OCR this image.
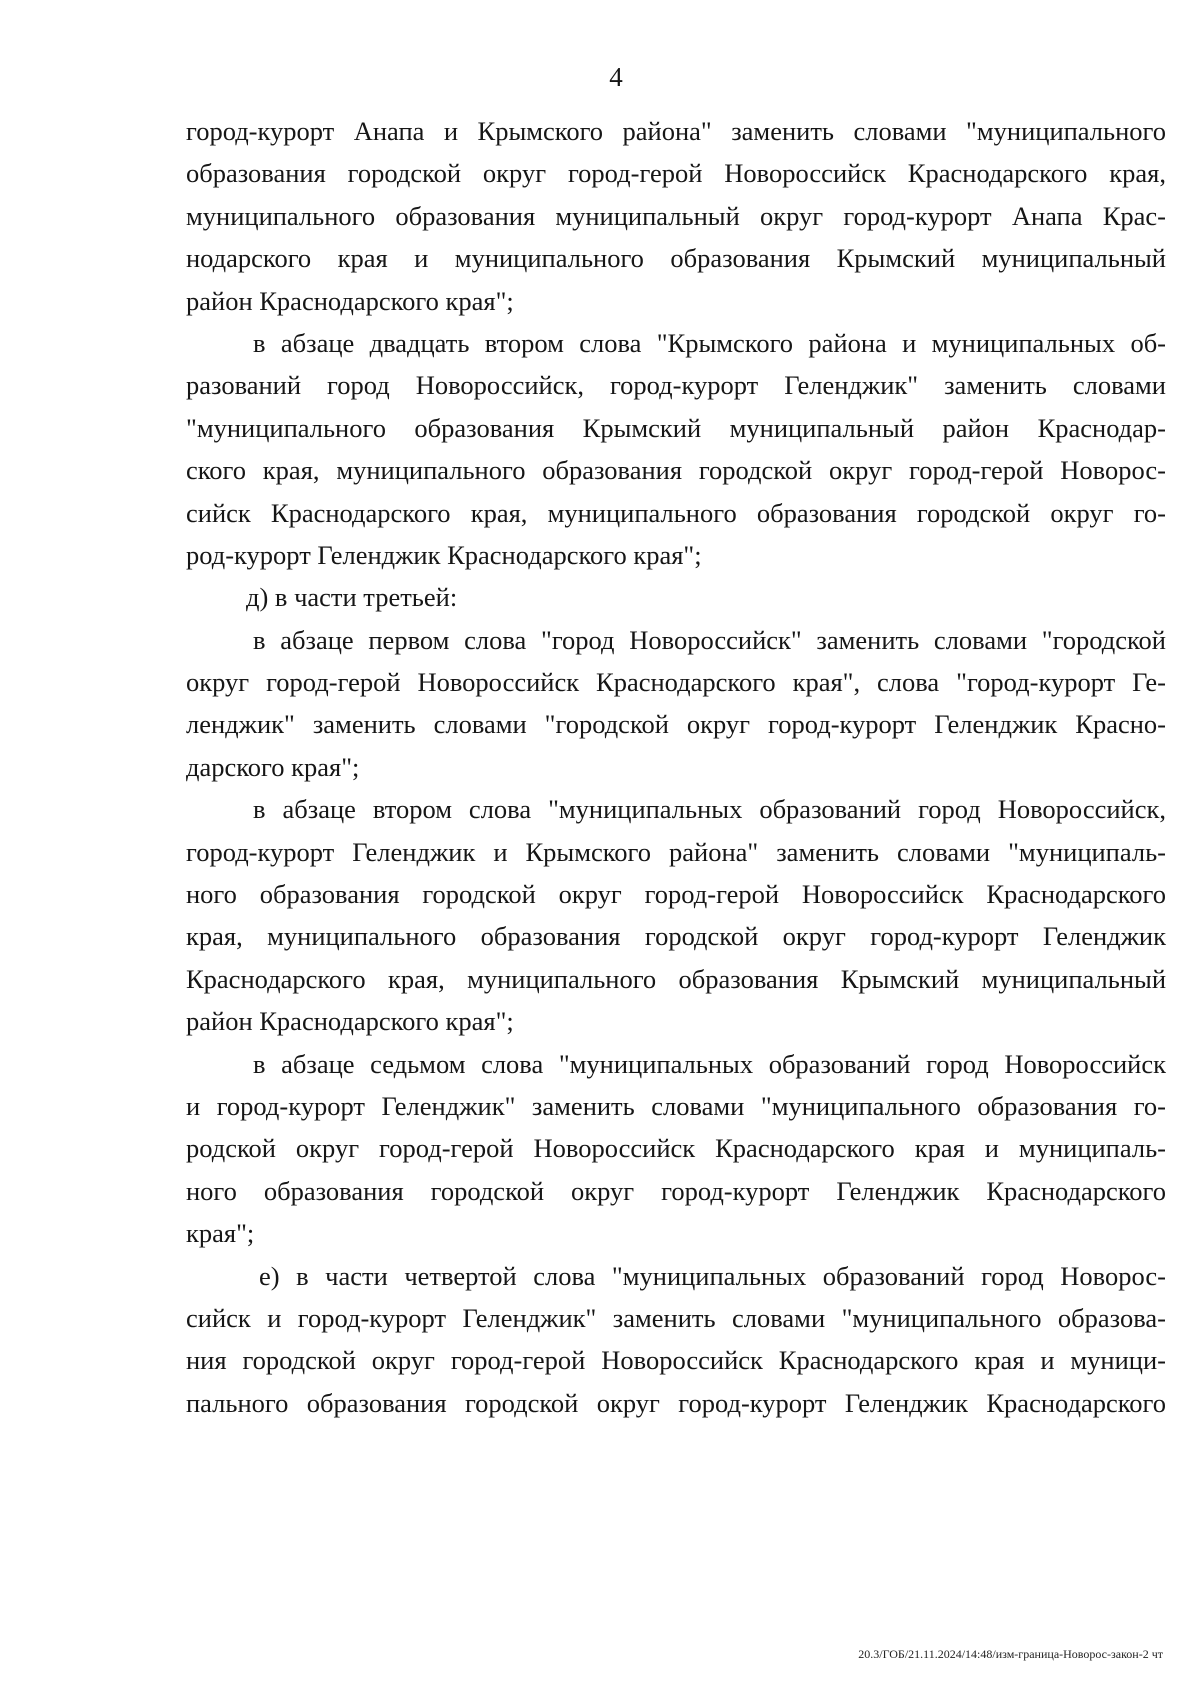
4
город-курорт Анапа и Крымского района" заменить словами "муниципального
образования городской округ город-герой Новороссийск Краснодарского края,
муниципального образования муниципальный округ город-курорт Анапа Крас-
нодарского края и муниципального образования Крымский муниципальный
район Краснодарского края";
в абзаце двадцать втором слова "Крымского района и муниципальных об-
разований город Новороссийск, город-курорт Геленджик" заменить словами
"муниципального образования Крымский муниципальный район Краснодар-
ского края, муниципального образования городской округ город-герой Новорос-
сийск Краснодарского края, муниципального образования городской округ го-
род-курорт Геленджик Краснодарского края";
д) в части третьей:
в абзаце первом слова "город Новороссийск" заменить словами "городской
округ город-герой Новороссийск Краснодарского края", слова "город-курорт Ге-
ленджик" заменить словами "городской округ город-курорт Геленджик Красно-
дарского края";
в абзаце втором слова "муниципальных образований город Новороссийск,
город-курорт Геленджик и Крымского района" заменить словами "муниципаль-
ного образования городской округ город-герой Новороссийск Краснодарского
края, муниципального образования городской округ город-курорт Геленджик
Краснодарского края, муниципального образования Крымский муниципальный
район Краснодарского края";
в абзаце седьмом слова "муниципальных образований город Новороссийск
и город-курорт Геленджик" заменить словами "муниципального образования го-
родской округ город-герой Новороссийск Краснодарского края и муниципаль-
ного образования городской округ город-курорт Геленджик Краснодарского
края";
е) в части четвертой слова "муниципальных образований город Новорос-
сийск и город-курорт Геленджик" заменить словами "муниципального образова-
ния городской округ город-герой Новороссийск Краснодарского края и муници-
пального образования городской округ город-курорт Геленджик Краснодарского
20.3/ГОБ/21.11.2024/14:48/изм-граница-Новорос-закон-2 чт
